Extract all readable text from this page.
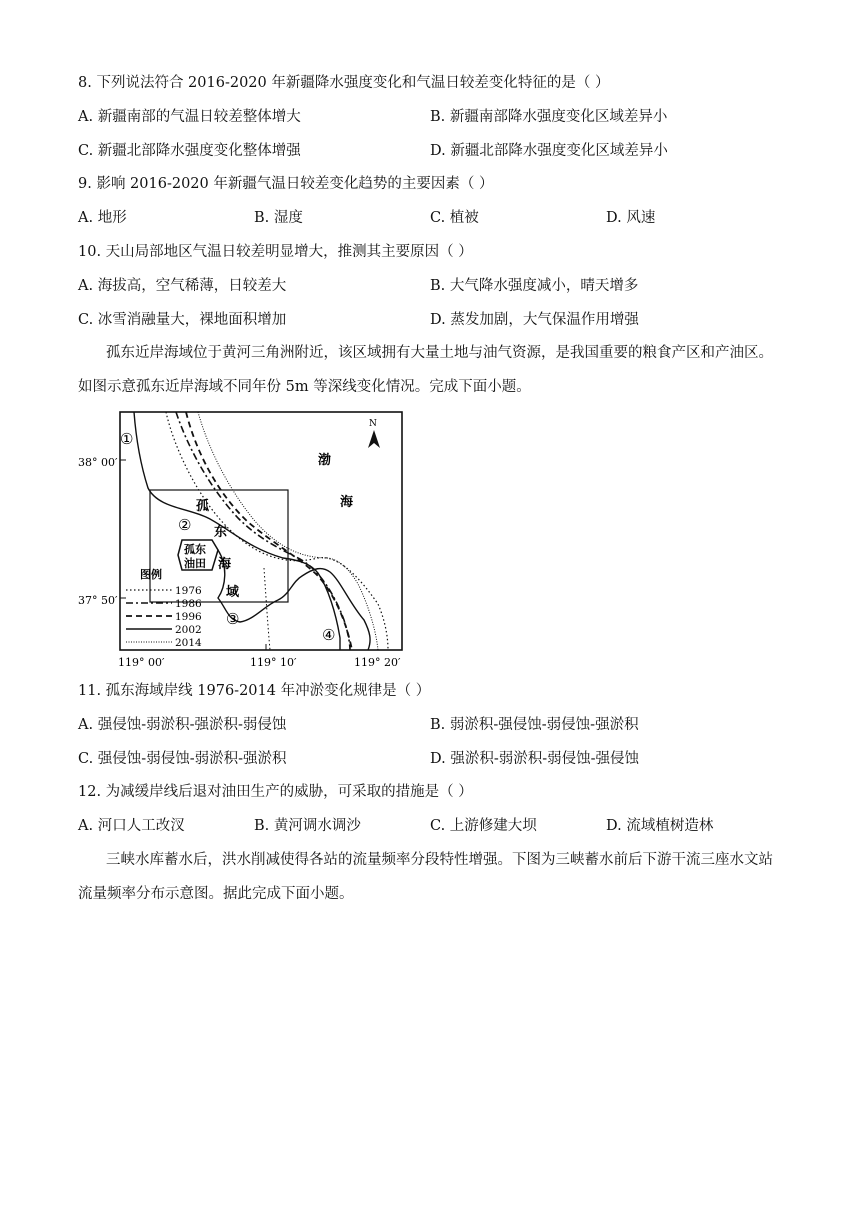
8. 下列说法符合 2016-2020 年新疆降水强度变化和气温日较差变化特征的是（ ）
A. 新疆南部的气温日较差整体增大	B. 新疆南部降水强度变化区域差异小
C. 新疆北部降水强度变化整体增强	D. 新疆北部降水强度变化区域差异小
9. 影响 2016-2020 年新疆气温日较差变化趋势的主要因素（ ）
A. 地形	B. 湿度	C. 植被	D. 风速
10. 天山局部地区气温日较差明显增大，推测其主要原因（ ）
A. 海拔高，空气稀薄，日较差大	B. 大气降水强度减小，晴天增多
C. 冰雪消融量大，裸地面积增加	D. 蒸发加剧，大气保温作用增强

孤东近岸海域位于黄河三角洲附近，该区域拥有大量土地与油气资源，是我国重要的粮食产区和产油区。如图示意孤东近岸海域不同年份 5m 等深线变化情况。完成下面小题。

38° 00′
37° 50′
119° 00′	119° 10′	119° 20′
N
渤
海
孤
东
海
域
孤东
油田
①
②
③
④
图例
1976
1986
1996
2002
2014
11. 孤东海域岸线 1976-2014 年冲淤变化规律是（ ）
A. 强侵蚀-弱淤积-强淤积-弱侵蚀	B. 弱淤积-强侵蚀-弱侵蚀-强淤积
C. 强侵蚀-弱侵蚀-弱淤积-强淤积	D. 强淤积-弱淤积-弱侵蚀-强侵蚀
12. 为减缓岸线后退对油田生产的威胁，可采取的措施是（ ）
A. 河口人工改汊	B. 黄河调水调沙	C. 上游修建大坝	D. 流域植树造林

三峡水库蓄水后，洪水削减使得各站的流量频率分段特性增强。下图为三峡蓄水前后下游干流三座水文站流量频率分布示意图。据此完成下面小题。
